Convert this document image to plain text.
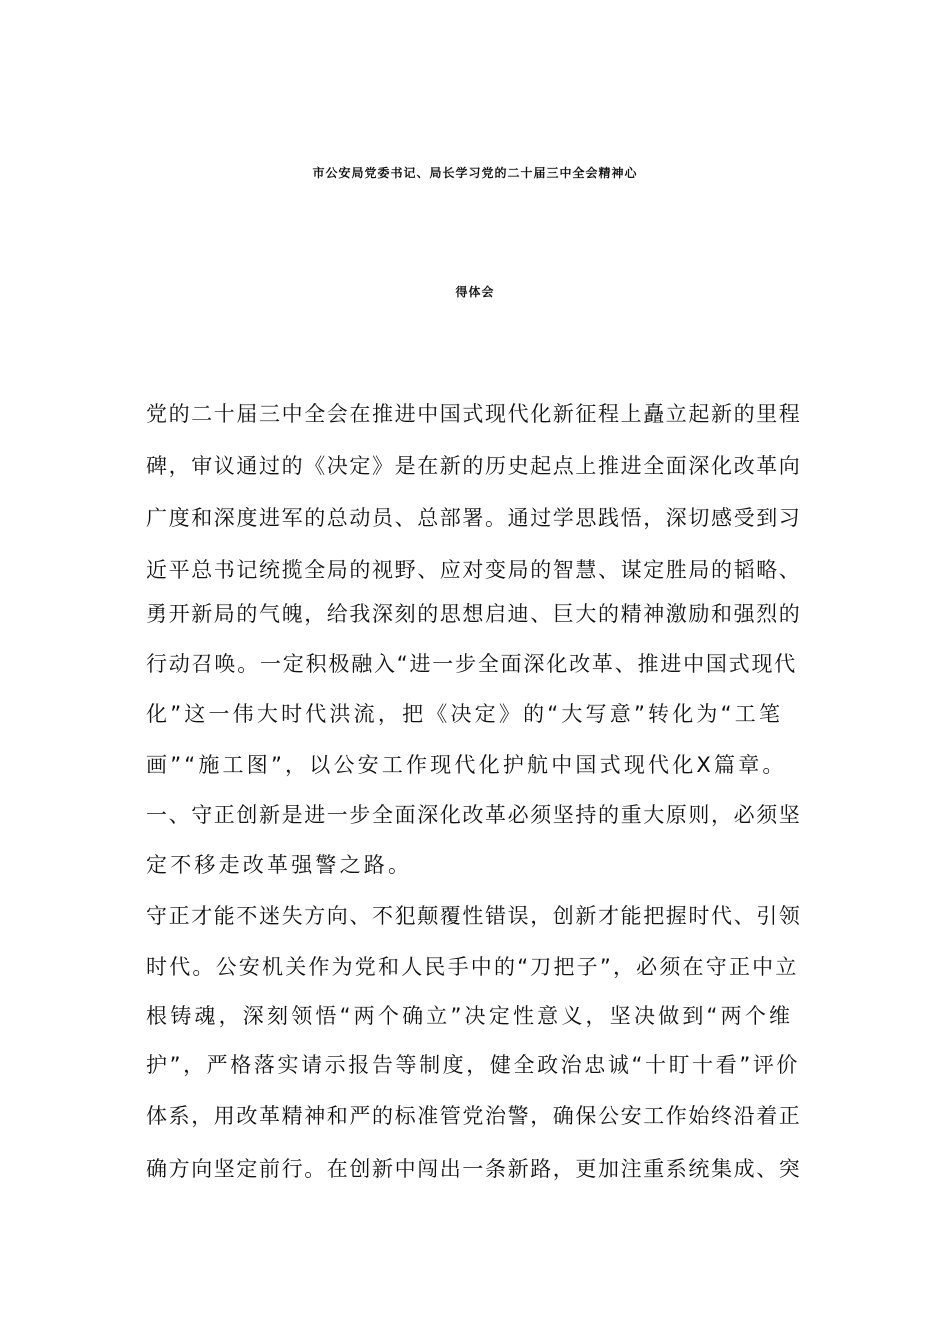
市公安局党委书记、局长学习党的二十届三中全会精神心
得体会
党的二十届三中全会在推进中国式现代化新征程上矗立起新的里程
碑，审议通过的《决定》是在新的历史起点上推进全面深化改革向
广度和深度进军的总动员、总部署。通过学思践悟，深切感受到习
近平总书记统揽全局的视野、应对变局的智慧、谋定胜局的韬略、
勇开新局的气魄，给我深刻的思想启迪、巨大的精神激励和强烈的
行动召唤。一定积极融入“进一步全面深化改革、推进中国式现代
化”这一伟大时代洪流，把《决定》的“大写意”转化为“工笔
画”“施工图”，以公安工作现代化护航中国式现代化X篇章。
一、守正创新是进一步全面深化改革必须坚持的重大原则，必须坚
定不移走改革强警之路。
守正才能不迷失方向、不犯颠覆性错误，创新才能把握时代、引领
时代。公安机关作为党和人民手中的“刀把子”，必须在守正中立
根铸魂，深刻领悟“两个确立”决定性意义，坚决做到“两个维
护”，严格落实请示报告等制度，健全政治忠诚“十盯十看”评价
体系，用改革精神和严的标准管党治警，确保公安工作始终沿着正
确方向坚定前行。在创新中闯出一条新路，更加注重系统集成、突
